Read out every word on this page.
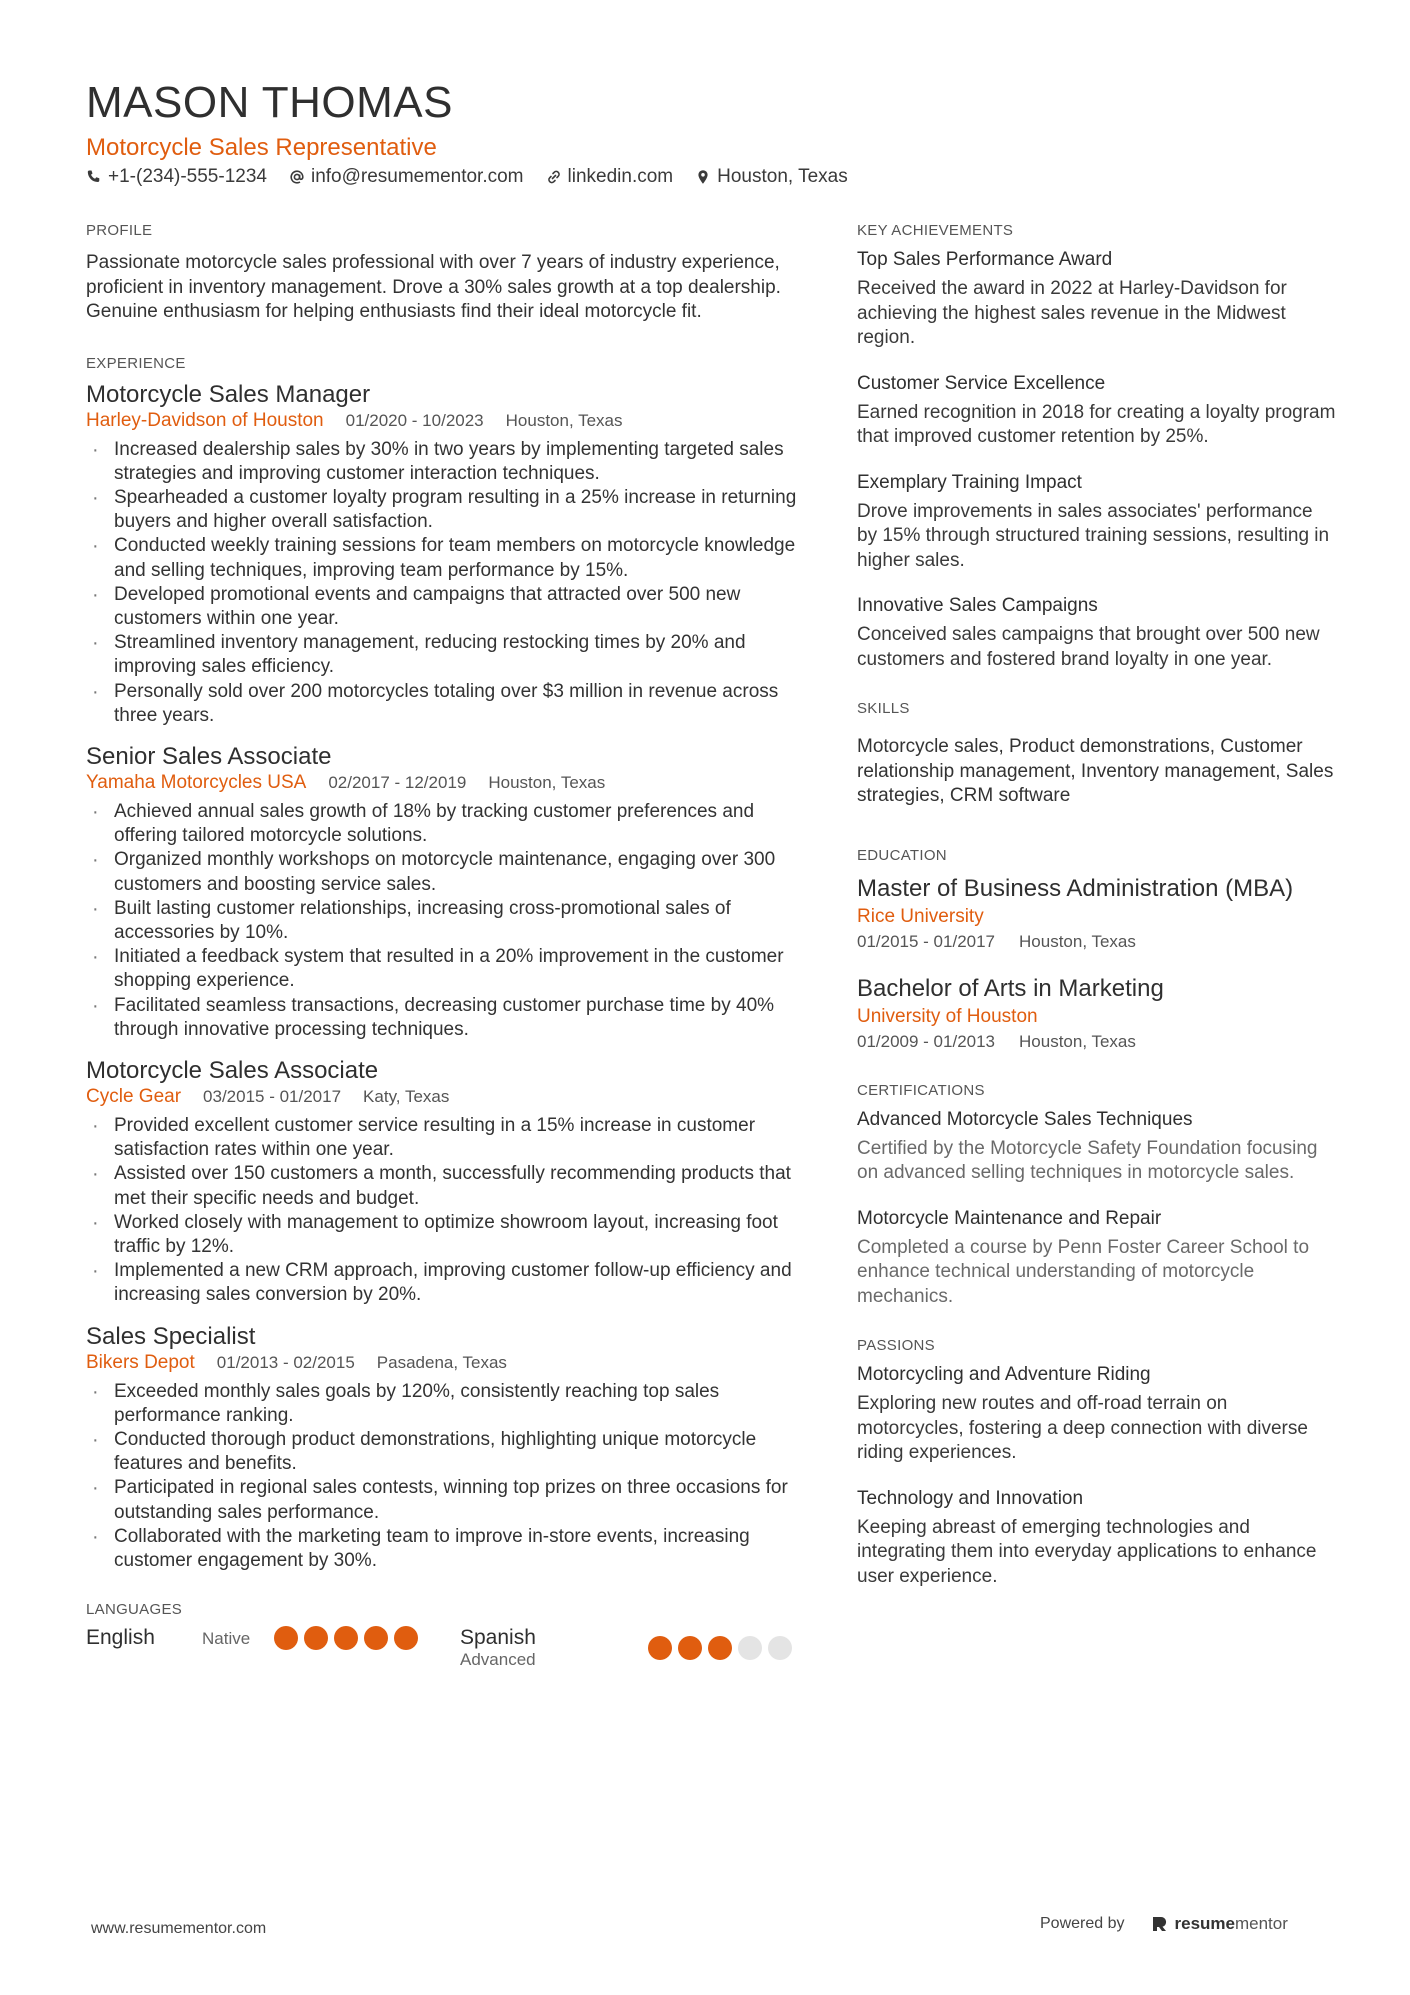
MASON THOMAS
Motorcycle Sales Representative
+1-(234)-555-1234 info@resumementor.com linkedin.com Houston, Texas
PROFILE

Passionate motorcycle sales professional with over 7 years of industry experience, proficient in inventory management. Drove a 30% sales growth at a top dealership. Genuine enthusiasm for helping enthusiasts find their ideal motorcycle fit.

EXPERIENCE
Motorcycle Sales Manager
Harley-Davidson of Houston 01/2020 - 10/2023 Houston, Texas
· Increased dealership sales by 30% in two years by implementing targeted sales strategies and improving customer interaction techniques.
· Spearheaded a customer loyalty program resulting in a 25% increase in returning buyers and higher overall satisfaction.
· Conducted weekly training sessions for team members on motorcycle knowledge and selling techniques, improving team performance by 15%.
· Developed promotional events and campaigns that attracted over 500 new customers within one year.
· Streamlined inventory management, reducing restocking times by 20% and improving sales efficiency.
· Personally sold over 200 motorcycles totaling over $3 million in revenue across three years.
Senior Sales Associate
Yamaha Motorcycles USA 02/2017 - 12/2019 Houston, Texas
· Achieved annual sales growth of 18% by tracking customer preferences and offering tailored motorcycle solutions.
· Organized monthly workshops on motorcycle maintenance, engaging over 300 customers and boosting service sales.
· Built lasting customer relationships, increasing cross-promotional sales of accessories by 10%.
· Initiated a feedback system that resulted in a 20% improvement in the customer shopping experience.
· Facilitated seamless transactions, decreasing customer purchase time by 40% through innovative processing techniques.
Motorcycle Sales Associate
Cycle Gear 03/2015 - 01/2017 Katy, Texas
· Provided excellent customer service resulting in a 15% increase in customer satisfaction rates within one year.
· Assisted over 150 customers a month, successfully recommending products that met their specific needs and budget.
· Worked closely with management to optimize showroom layout, increasing foot traffic by 12%.
· Implemented a new CRM approach, improving customer follow-up efficiency and increasing sales conversion by 20%.
Sales Specialist
Bikers Depot 01/2013 - 02/2015 Pasadena, Texas
· Exceeded monthly sales goals by 120%, consistently reaching top sales performance ranking.
· Conducted thorough product demonstrations, highlighting unique motorcycle features and benefits.
· Participated in regional sales contests, winning top prizes on three occasions for outstanding sales performance.
· Collaborated with the marketing team to improve in-store events, increasing customer engagement by 30%.
LANGUAGES
English	Native	Spanish
Advanced
KEY ACHIEVEMENTS
Top Sales Performance Award
Received the award in 2022 at Harley-Davidson for achieving the highest sales revenue in the Midwest region.
Customer Service Excellence
Earned recognition in 2018 for creating a loyalty program that improved customer retention by 25%.
Exemplary Training Impact
Drove improvements in sales associates' performance by 15% through structured training sessions, resulting in higher sales.
Innovative Sales Campaigns
Conceived sales campaigns that brought over 500 new customers and fostered brand loyalty in one year.
SKILLS
Motorcycle sales, Product demonstrations, Customer relationship management, Inventory management, Sales strategies, CRM software
EDUCATION
Master of Business Administration (MBA)
Rice University
01/2015 - 01/2017 Houston, Texas
Bachelor of Arts in Marketing
University of Houston
01/2009 - 01/2013 Houston, Texas
CERTIFICATIONS
Advanced Motorcycle Sales Techniques
Certified by the Motorcycle Safety Foundation focusing on advanced selling techniques in motorcycle sales.
Motorcycle Maintenance and Repair
Completed a course by Penn Foster Career School to enhance technical understanding of motorcycle mechanics.
PASSIONS
Motorcycling and Adventure Riding
Exploring new routes and off-road terrain on motorcycles, fostering a deep connection with diverse riding experiences.
Technology and Innovation
Keeping abreast of emerging technologies and integrating them into everyday applications to enhance user experience.
www.resumementor.com	Powered by	resumementor
